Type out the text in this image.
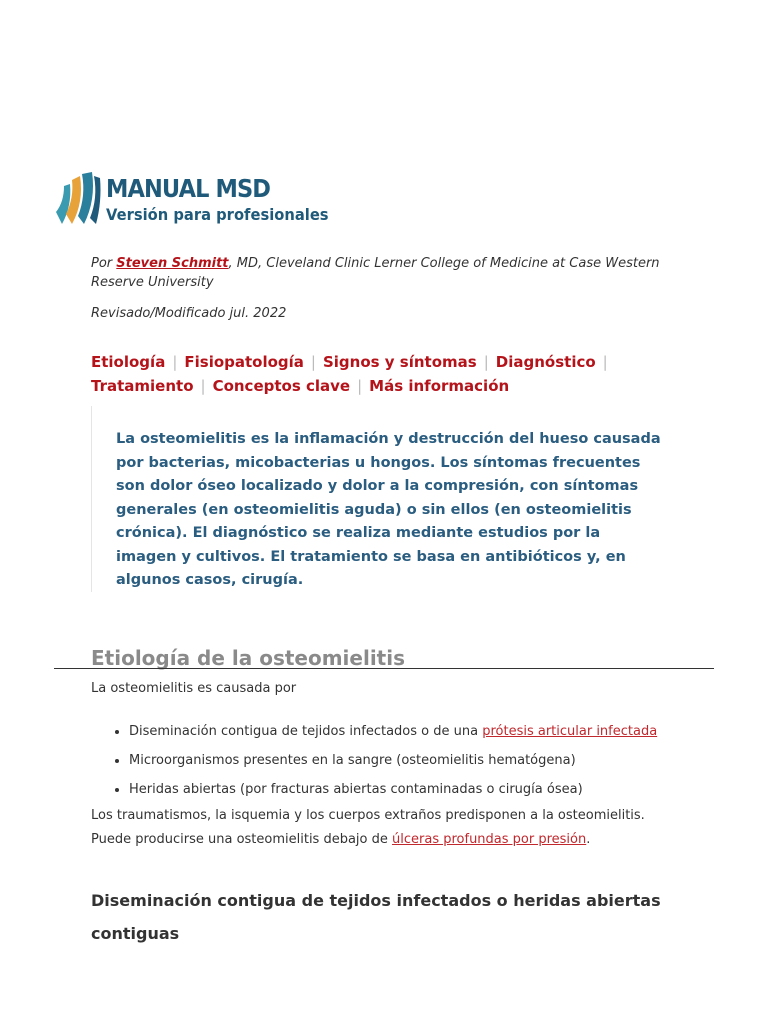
MANUAL MSD
Versión para profesionales
Por Steven Schmitt, MD, Cleveland Clinic Lerner College of Medicine at Case Western Reserve University
Revisado/Modificado jul. 2022
Etiología | Fisiopatología | Signos y síntomas | Diagnóstico |
Tratamiento | Conceptos clave | Más información
La osteomielitis es la inflamación y destrucción del hueso causada por bacterias, micobacterias u hongos. Los síntomas frecuentes son dolor óseo localizado y dolor a la compresión, con síntomas generales (en osteomielitis aguda) o sin ellos (en osteomielitis crónica). El diagnóstico se realiza mediante estudios por la imagen y cultivos. El tratamiento se basa en antibióticos y, en algunos casos, cirugía.
Etiología de la osteomielitis
La osteomielitis es causada por
• Diseminación contigua de tejidos infectados o de una prótesis articular infectada
• Microorganismos presentes en la sangre (osteomielitis hematógena)
• Heridas abiertas (por fracturas abiertas contaminadas o cirugía ósea)
Los traumatismos, la isquemia y los cuerpos extraños predisponen a la osteomielitis. Puede producirse una osteomielitis debajo de úlceras profundas por presión.
Diseminación contigua de tejidos infectados o heridas abiertas contiguas
